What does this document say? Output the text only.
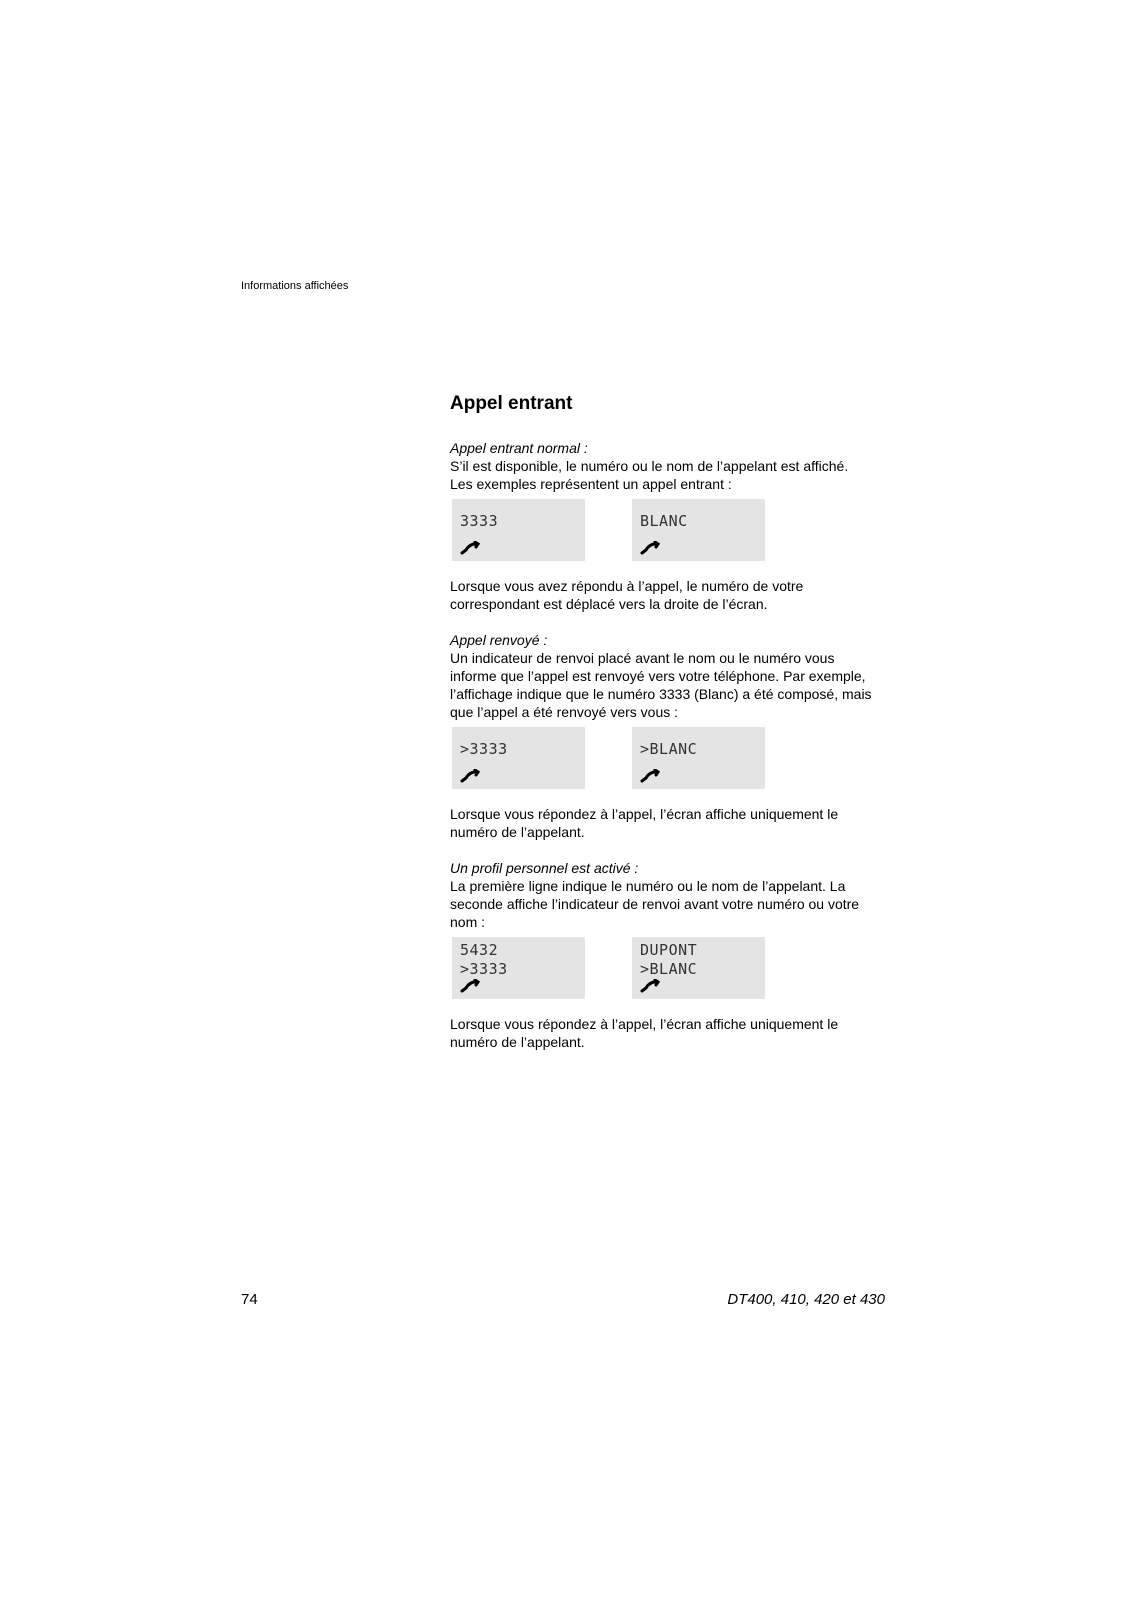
Informations affichées
Appel entrant
Appel entrant normal :

S’il est disponible, le numéro ou le nom de l’appelant est affiché.

Les exemples représentent un appel entrant :

3333	BLANC

Lorsque vous avez répondu à l’appel, le numéro de votre

correspondant est déplacé vers la droite de l’écran.

Appel renvoyé :

Un indicateur de renvoi placé avant le nom ou le numéro vous

informe que l’appel est renvoyé vers votre téléphone. Par exemple,

l’affichage indique que le numéro 3333 (Blanc) a été composé, mais

que l’appel a été renvoyé vers vous :

>3333	>BLANC

Lorsque vous répondez à l’appel, l’écran affiche uniquement le

numéro de l’appelant.

Un profil personnel est activé :

La première ligne indique le numéro ou le nom de l’appelant. La

seconde affiche l’indicateur de renvoi avant votre numéro ou votre

nom :

5432
>3333
DUPONT
>BLANC

Lorsque vous répondez à l’appel, l’écran affiche uniquement le

numéro de l’appelant.

74	DT400, 410, 420 et 430
